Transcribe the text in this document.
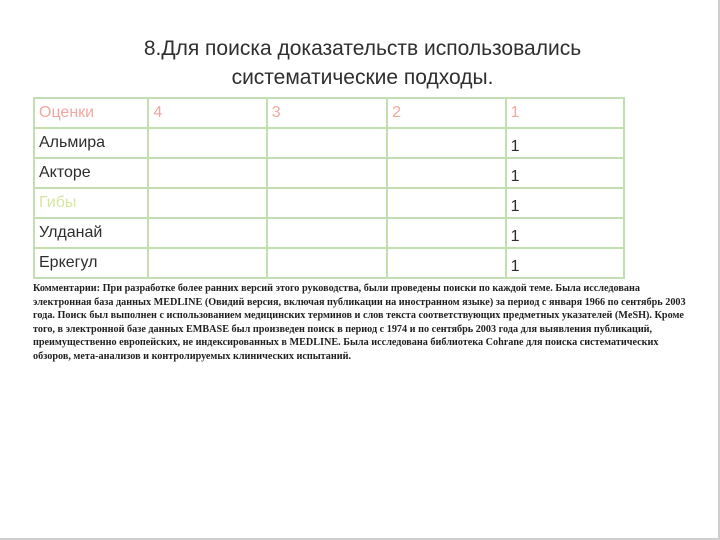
8.Для поиска доказательств использовались
систематические подходы.
Оценки	4	3	2	1
Альмира				1
Акторе				1
Гибы				1
Улданай				1
Еркегул				1
Комментарии: При разработке более ранних версий этого руководства, были проведены поиски по каждой теме. Была исследована электронная база данных MEDLINE (Овидий версия, включая публикации на иностранном языке) за период с января 1966 по сентябрь 2003 года. Поиск был выполнен с использованием медицинских терминов и слов текста соответствующих предметных указателей (MeSH). Кроме того, в электронной базе данных EMBASE был произведен поиск в период с 1974 и по сентябрь 2003 года для выявления публикаций, преимущественно европейских, не индексированных в MEDLINE. Была исследована библиотека Cohrane для поиска систематических обзоров, мета-анализов и контролируемых клинических испытаний.
